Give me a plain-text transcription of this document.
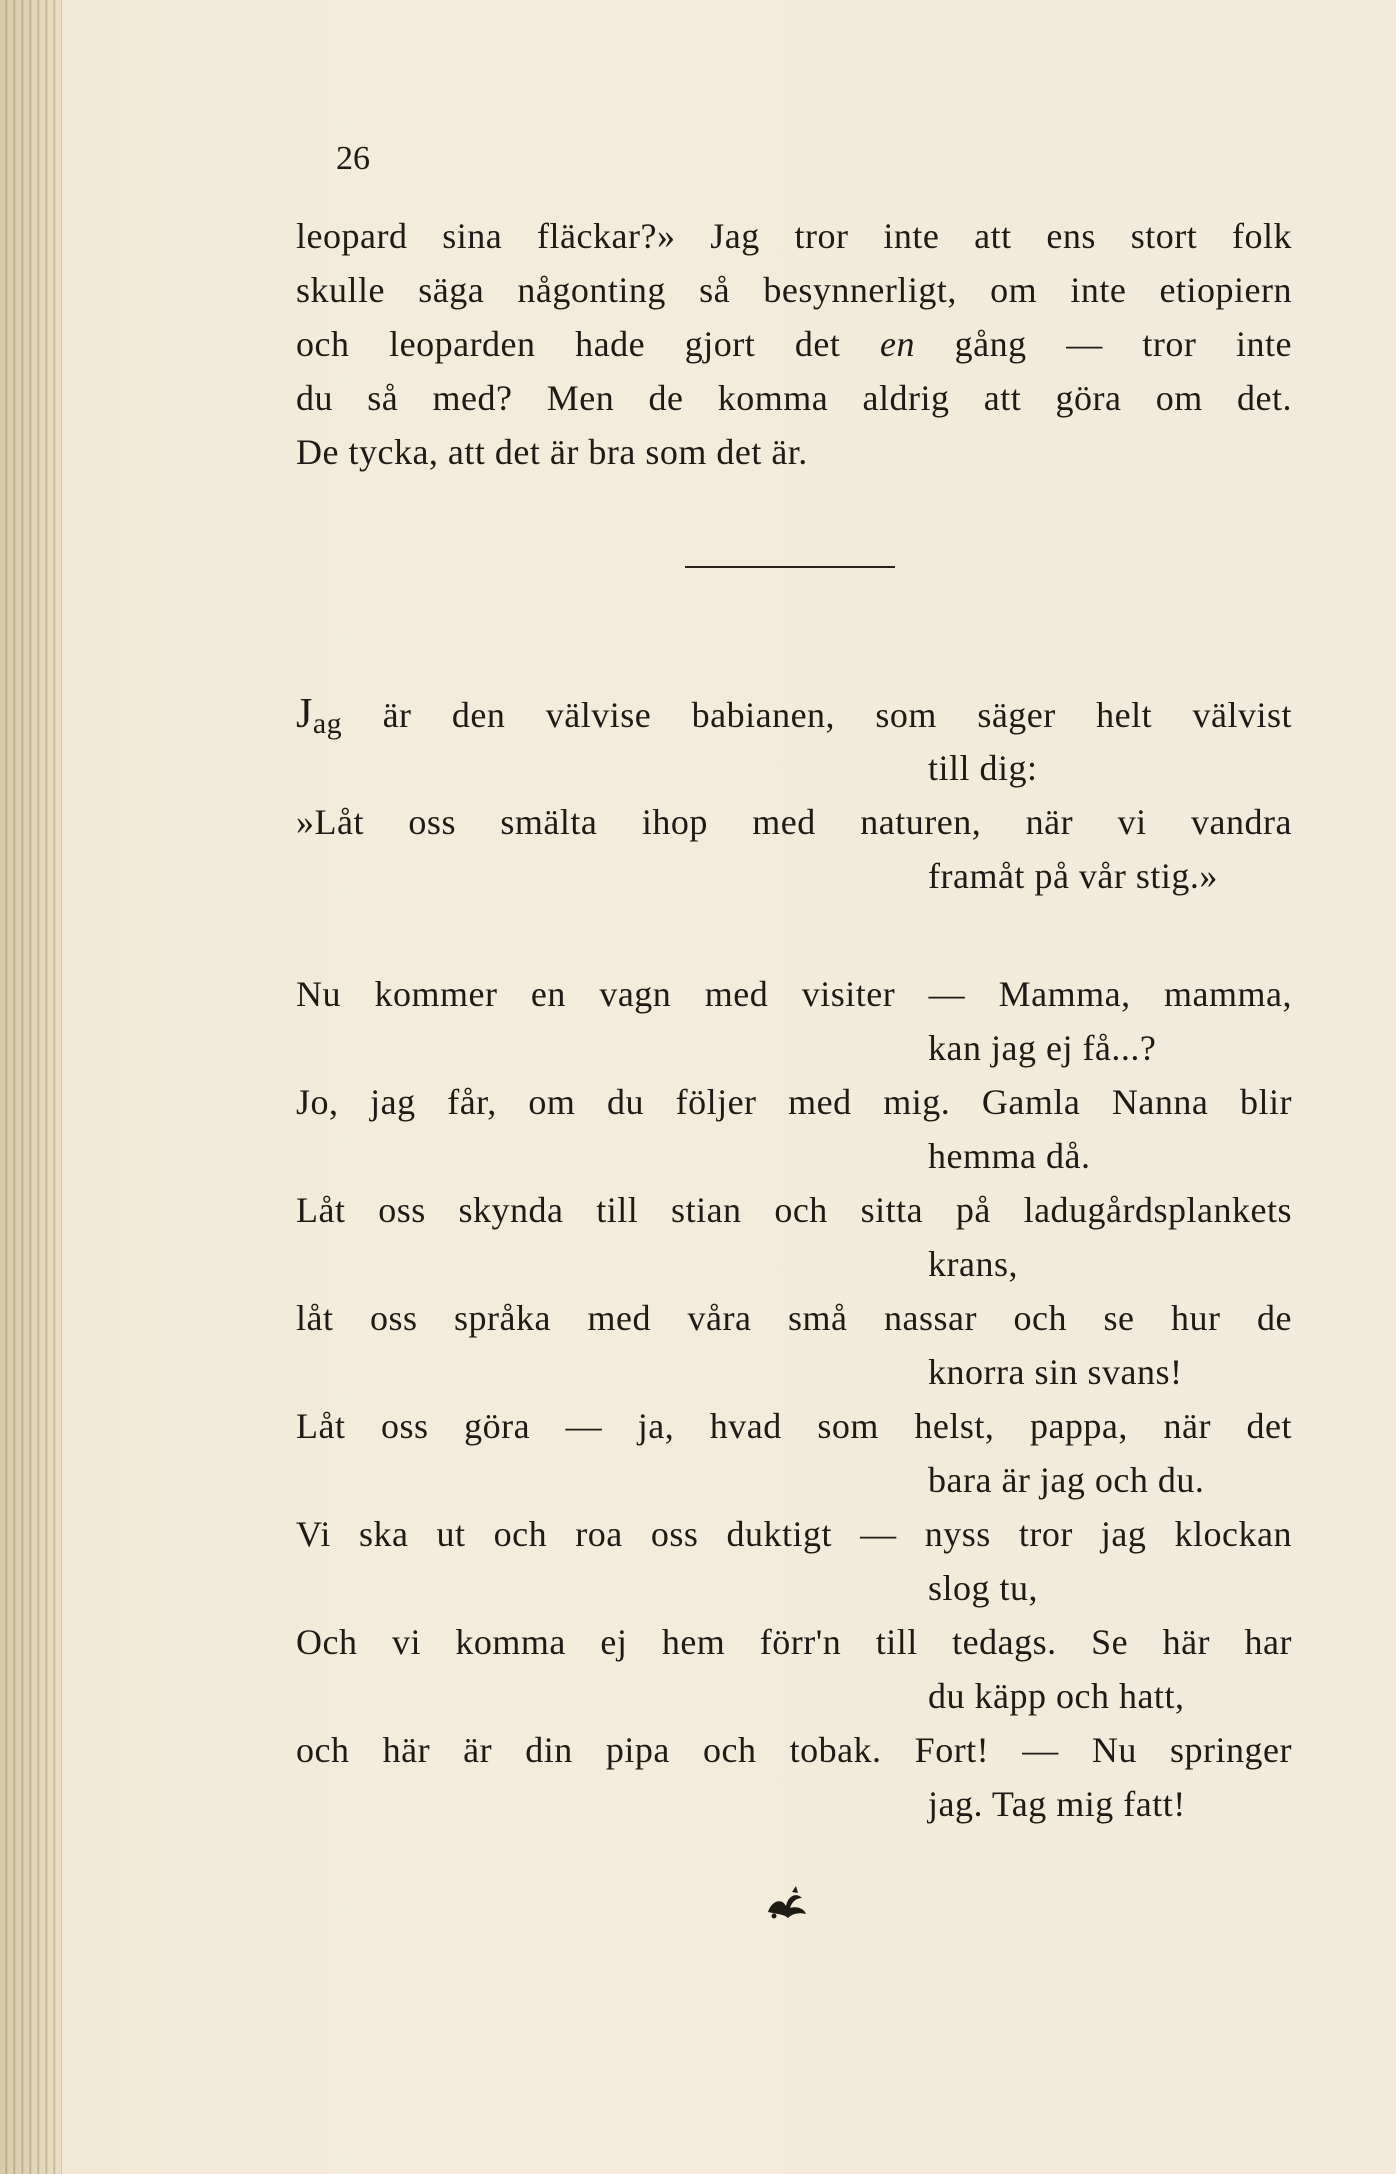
26
leopard sina fläckar?» Jag tror inte att ens stort folk
skulle säga någonting så besynnerligt, om inte etiopiern
och leoparden hade gjort det en gång — tror inte
du så med? Men de komma aldrig att göra om det.
De tycka, att det är bra som det är.
Jag är den välvise babianen, som säger helt välvist
till dig:
»Låt oss smälta ihop med naturen, när vi vandra
framåt på vår stig.»
Nu kommer en vagn med visiter — Mamma, mamma,
kan jag ej få...?
Jo, jag får, om du följer med mig. Gamla Nanna blir
hemma då.
Låt oss skynda till stian och sitta på ladugårdsplankets
krans,
låt oss språka med våra små nassar och se hur de
knorra sin svans!
Låt oss göra — ja, hvad som helst, pappa, när det
bara är jag och du.
Vi ska ut och roa oss duktigt — nyss tror jag klockan
slog tu,
Och vi komma ej hem förr'n till tedags. Se här har
du käpp och hatt,
och här är din pipa och tobak. Fort! — Nu springer
jag. Tag mig fatt!
